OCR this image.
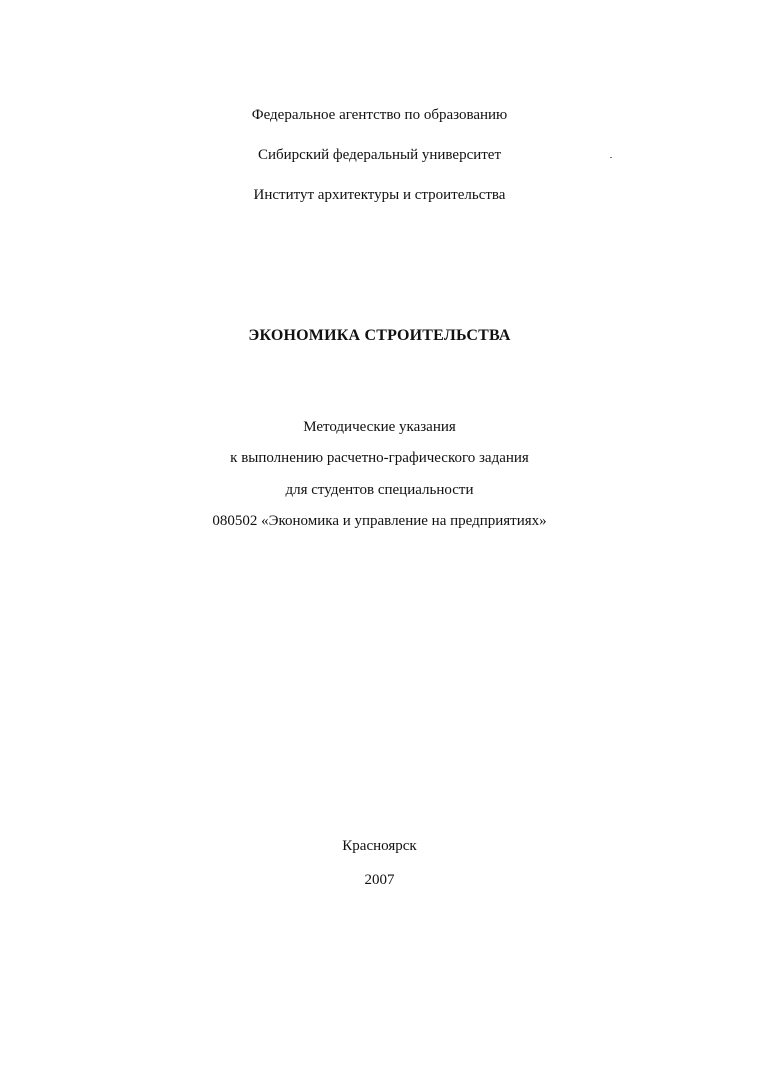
Федеральное агентство по образованию
Сибирский федеральный университет
Институт архитектуры и строительства
ЭКОНОМИКА СТРОИТЕЛЬСТВА
Методические указания
к выполнению расчетно-графического задания
для студентов специальности
080502 «Экономика и управление на предприятиях»
Красноярск
2007
